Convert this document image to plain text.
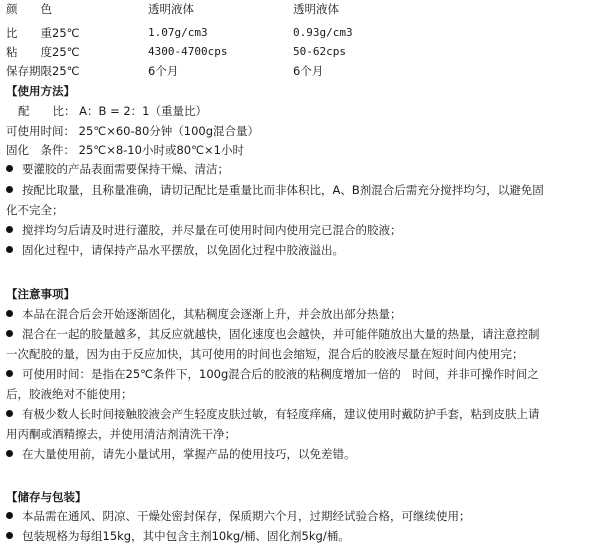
颜　　色	透明液体	透明液体
比　　重25℃	1.07g/cm3	0.93g/cm3
粘　　度25℃	4300-4700cps	50-62cps
保存期限25℃	6个月	6个月
【使用方法】
配　　比： A：B = 2：1（重量比）
可使用时间： 25℃×60-80分钟（100g混合量）
固化　条件： 25℃×8-10小时或80℃×1小时
要灌胶的产品表面需要保持干燥、清洁；
按配比取量，且称量准确，请切记配比是重量比而非体积比，A、B剂混合后需充分搅拌均匀，以避免固
化不完全；
搅拌均匀后请及时进行灌胶，并尽量在可使用时间内使用完已混合的胶液；
固化过程中，请保持产品水平摆放，以免固化过程中胶液溢出。
【注意事项】
本品在混合后会开始逐渐固化，其粘稠度会逐渐上升，并会放出部分热量；
混合在一起的胶量越多，其反应就越快，固化速度也会越快，并可能伴随放出大量的热量，请注意控制
一次配胶的量，因为由于反应加快，其可使用的时间也会缩短，混合后的胶液尽量在短时间内使用完；
可使用时间：是指在25℃条件下，100g混合后的胶液的粘稠度增加一倍的　时间，并非可操作时间之
后，胶液绝对不能使用；
有极少数人长时间接触胶液会产生轻度皮肤过敏，有轻度痒痛，建议使用时戴防护手套，粘到皮肤上请
用丙酮或酒精擦去，并使用清洁剂清洗干净；
在大量使用前，请先小量试用，掌握产品的使用技巧，以免差错。
【储存与包装】
本品需在通风、阴凉、干燥处密封保存，保质期六个月，过期经试验合格，可继续使用；
包装规格为每组15kg，其中包含主剂10kg/桶、固化剂5kg/桶。
